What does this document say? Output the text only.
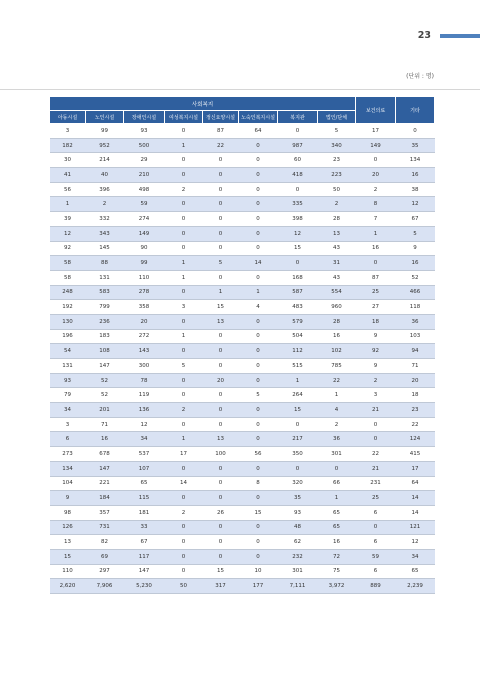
23
(단위 : 명)
사회복지								보건의료	기타
아동시설	노인시설	장애인시설	여성복지시설	정신요양시설	노숙인복지시설	복지관	법인/단체		
3	99	93	0	87	64	0	5	17	0
182	952	500	1	22	0	987	340	149	35
30	214	29	0	0	0	60	23	0	134
41	40	210	0	0	0	418	223	20	16
56	396	498	2	0	0	0	50	2	38
1	2	59	0	0	0	335	2	8	12
39	332	274	0	0	0	398	28	7	67
12	343	149	0	0	0	12	13	1	5
92	145	90	0	0	0	15	43	16	9
58	88	99	1	5	14	0	31	0	16
58	131	110	1	0	0	168	43	87	52
248	583	278	0	1	1	587	554	25	466
192	799	358	3	15	4	483	960	27	118
130	236	20	0	13	0	579	28	18	36
196	183	272	1	0	0	504	16	9	103
54	108	143	0	0	0	112	102	92	94
131	147	300	5	0	0	515	785	9	71
93	52	78	0	20	0	1	22	2	20
79	52	119	0	0	5	264	1	3	18
34	201	136	2	0	0	15	4	21	23
3	71	12	0	0	0	0	2	0	22
6	16	34	1	13	0	217	36	0	124
273	678	537	17	100	56	350	301	22	415
134	147	107	0	0	0	0	0	21	17
104	221	65	14	0	8	320	66	231	64
9	184	115	0	0	0	35	1	25	14
98	357	181	2	26	15	93	65	6	14
126	731	33	0	0	0	48	65	0	121
13	82	67	0	0	0	62	16	6	12
15	69	117	0	0	0	232	72	59	34
110	297	147	0	15	10	301	75	6	65
2,620	7,906	5,230	50	317	177	7,111	3,972	889	2,239
